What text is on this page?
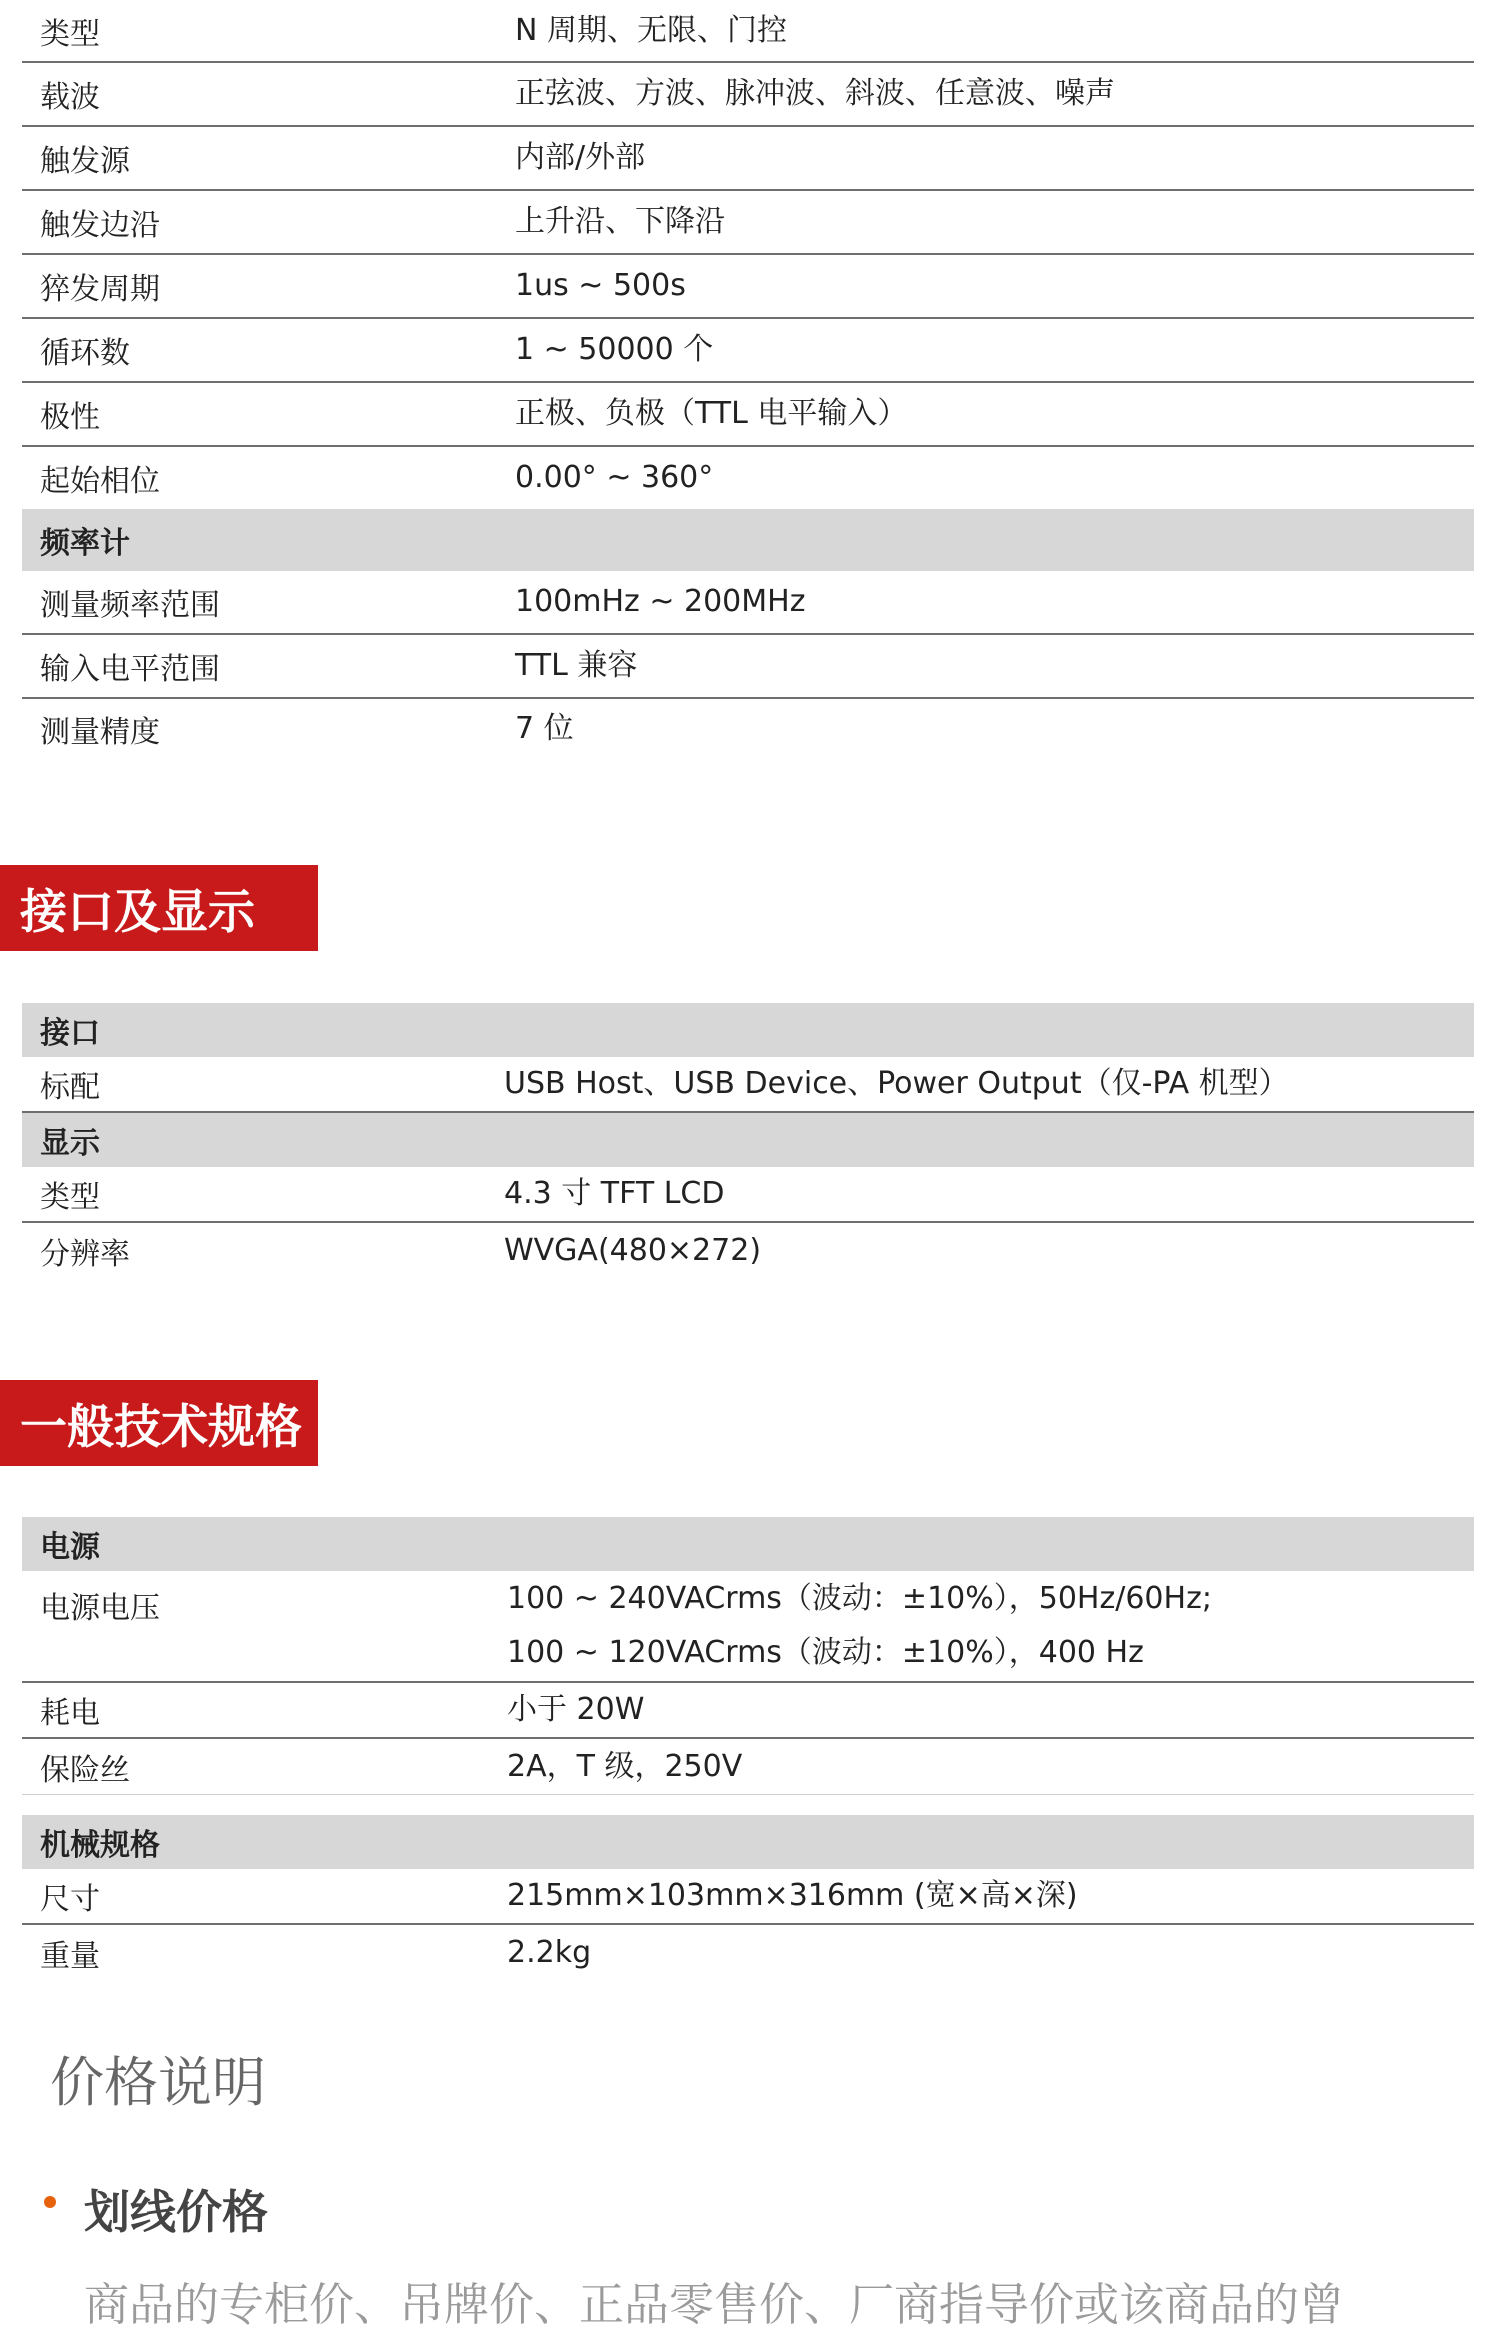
类型	N 周期、无限、门控
载波	正弦波、方波、脉冲波、斜波、任意波、噪声
触发源	内部/外部
触发边沿	上升沿、下降沿
猝发周期	1us ~ 500s
循环数	1 ~ 50000 个
极性	正极、负极（TTL 电平输入）
起始相位	0.00° ~ 360°
频率计
测量频率范围	100mHz ~ 200MHz
输入电平范围	TTL 兼容
测量精度	7 位
接口及显示
接口
标配	USB Host、USB Device、Power Output（仅-PA 机型）
显示
类型	4.3 寸 TFT LCD
分辨率	WVGA(480×272)
一般技术规格
电源
电源电压	100 ~ 240VACrms（波动：±10%），50Hz/60Hz;
100 ~ 120VACrms（波动：±10%），400 Hz
耗电	小于 20W
保险丝	2A，T 级，250V
机械规格
尺寸	215mm×103mm×316mm (宽×高×深)
重量	2.2kg
价格说明
划线价格
商品的专柜价、吊牌价、正品零售价、厂商指导价或该商品的曾
